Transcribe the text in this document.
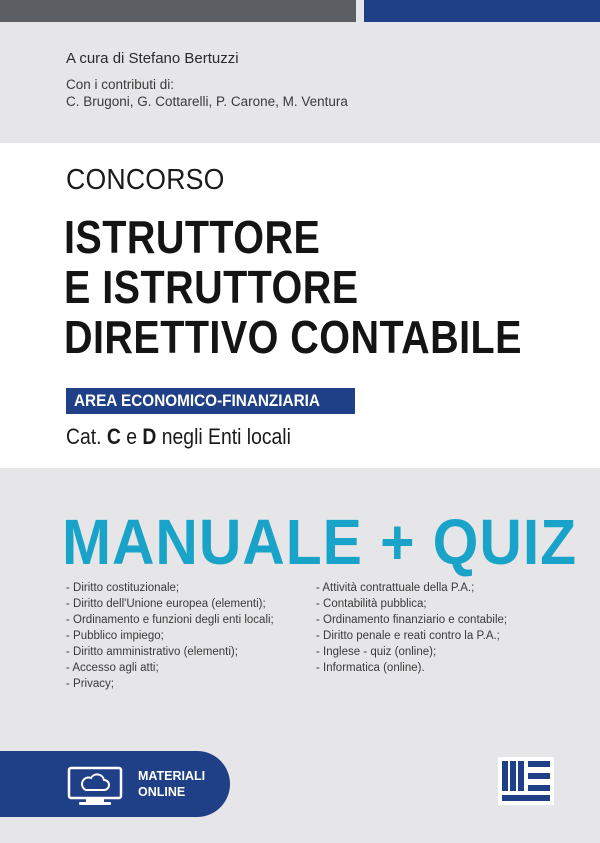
A cura di Stefano Bertuzzi
Con i contributi di:
C. Brugoni, G. Cottarelli, P. Carone, M. Ventura
CONCORSO
ISTRUTTORE
E ISTRUTTORE
DIRETTIVO CONTABILE
AREA ECONOMICO-FINANZIARIA
Cat. C e D negli Enti locali
MANUALE + QUIZ
- Diritto costituzionale;
- Diritto dell'Unione europea (elementi);
- Ordinamento e funzioni degli enti locali;
- Pubblico impiego;
- Diritto amministrativo (elementi);
- Accesso agli atti;
- Privacy;
- Attività contrattuale della P.A.;
- Contabilità pubblica;
- Ordinamento finanziario e contabile;
- Diritto penale e reati contro la P.A.;
- Inglese - quiz (online);
- Informatica (online).
MATERIALI
ONLINE
